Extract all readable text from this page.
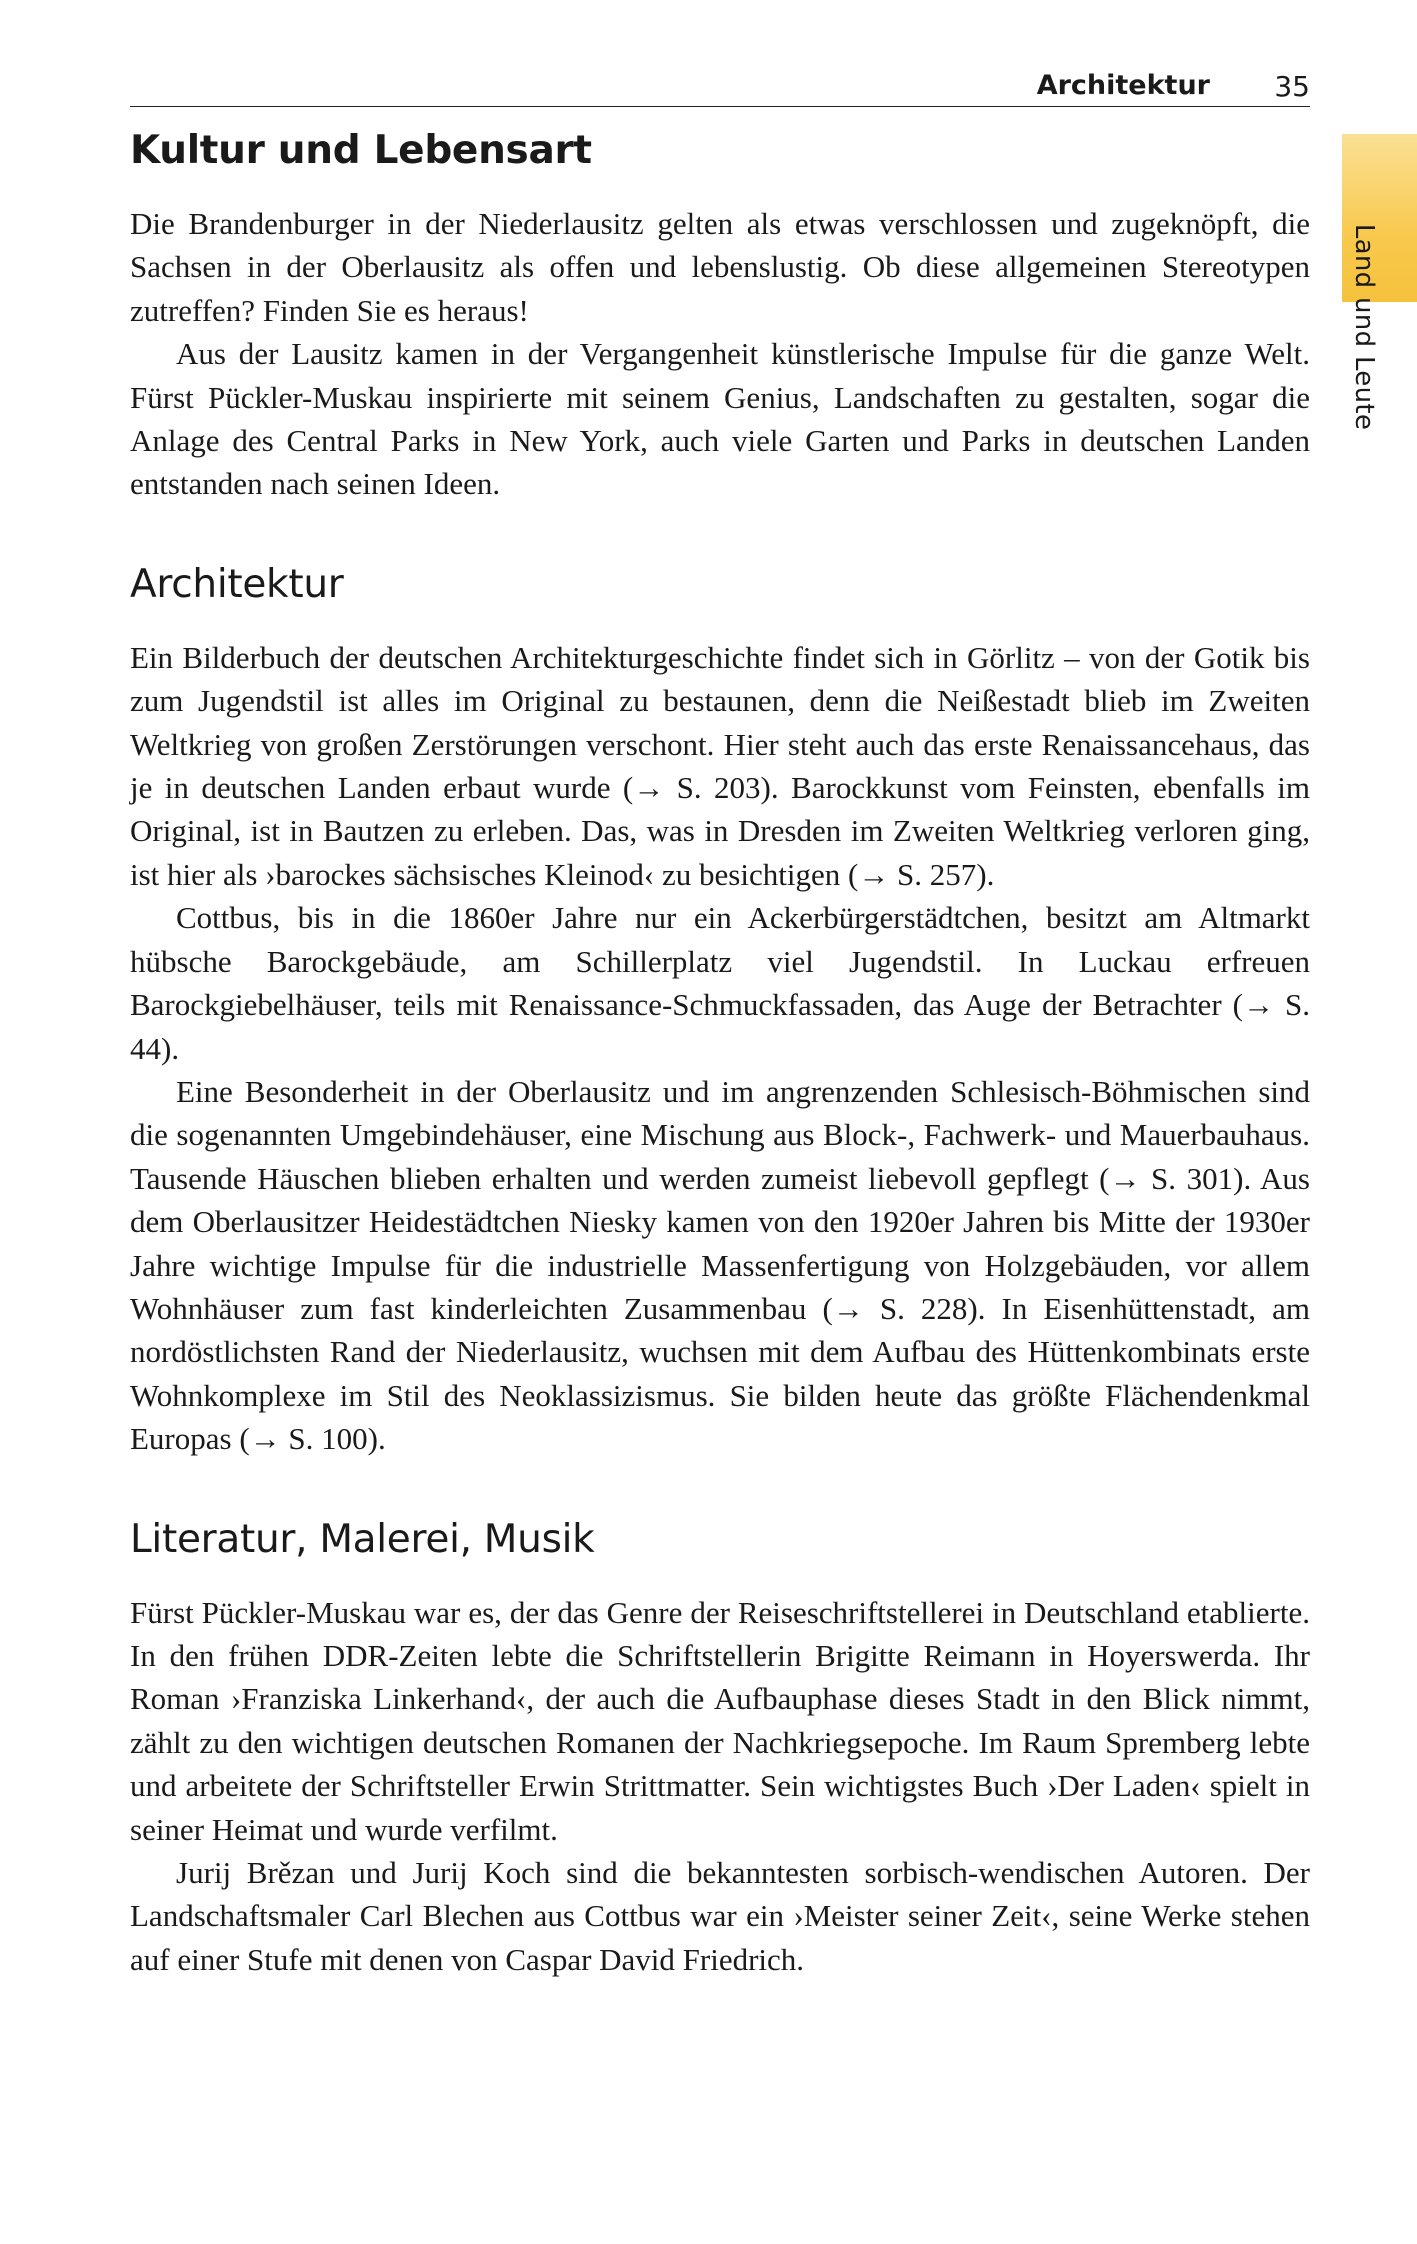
Architektur 35
Land und Leute
Kultur und Lebensart

Die Brandenburger in der Niederlausitz gelten als etwas verschlossen und zugeknöpft, die Sachsen in der Oberlausitz als offen und lebenslustig. Ob diese allgemeinen Stereotypen zutreffen? Finden Sie es heraus!

Aus der Lausitz kamen in der Vergangenheit künstlerische Impulse für die ganze Welt. Fürst Pückler-Muskau inspirierte mit seinem Genius, Landschaften zu gestalten, sogar die Anlage des Central Parks in New York, auch viele Garten und Parks in deutschen Landen entstanden nach seinen Ideen.

Architektur

Ein Bilderbuch der deutschen Architekturgeschichte findet sich in Görlitz – von der Gotik bis zum Jugendstil ist alles im Original zu bestaunen, denn die Neißestadt blieb im Zweiten Weltkrieg von großen Zerstörungen verschont. Hier steht auch das erste Renaissancehaus, das je in deutschen Landen erbaut wurde (→ S. 203). Barockkunst vom Feinsten, ebenfalls im Original, ist in Bautzen zu erleben. Das, was in Dresden im Zweiten Weltkrieg verloren ging, ist hier als ›barockes sächsisches Kleinod‹ zu besichtigen (→ S. 257).

Cottbus, bis in die 1860er Jahre nur ein Ackerbürgerstädtchen, besitzt am Altmarkt hübsche Barockgebäude, am Schillerplatz viel Jugendstil. In Luckau erfreuen Barockgiebelhäuser, teils mit Renaissance-Schmuckfassaden, das Auge der Betrachter (→ S. 44).

Eine Besonderheit in der Oberlausitz und im angrenzenden Schlesisch-Böhmischen sind die sogenannten Umgebindehäuser, eine Mischung aus Block-, Fachwerk- und Mauerbauhaus. Tausende Häuschen blieben erhalten und werden zumeist liebevoll gepflegt (→ S. 301). Aus dem Oberlausitzer Heidestädtchen Niesky kamen von den 1920er Jahren bis Mitte der 1930er Jahre wichtige Impulse für die industrielle Massenfertigung von Holzgebäuden, vor allem Wohnhäuser zum fast kinderleichten Zusammenbau (→ S. 228). In Eisenhüttenstadt, am nordöstlichsten Rand der Niederlausitz, wuchsen mit dem Aufbau des Hüttenkombinats erste Wohnkomplexe im Stil des Neoklassizismus. Sie bilden heute das größte Flächendenkmal Europas (→ S. 100).

Literatur, Malerei, Musik

Fürst Pückler-Muskau war es, der das Genre der Reiseschriftstellerei in Deutschland etablierte. In den frühen DDR-Zeiten lebte die Schriftstellerin Brigitte Reimann in Hoyerswerda. Ihr Roman ›Franziska Linkerhand‹, der auch die Aufbauphase dieses Stadt in den Blick nimmt, zählt zu den wichtigen deutschen Romanen der Nachkriegsepoche. Im Raum Spremberg lebte und arbeitete der Schriftsteller Erwin Strittmatter. Sein wichtigstes Buch ›Der Laden‹ spielt in seiner Heimat und wurde verfilmt.

Jurij Brězan und Jurij Koch sind die bekanntesten sorbisch-wendischen Autoren. Der Landschaftsmaler Carl Blechen aus Cottbus war ein ›Meister seiner Zeit‹, seine Werke stehen auf einer Stufe mit denen von Caspar David Friedrich.
